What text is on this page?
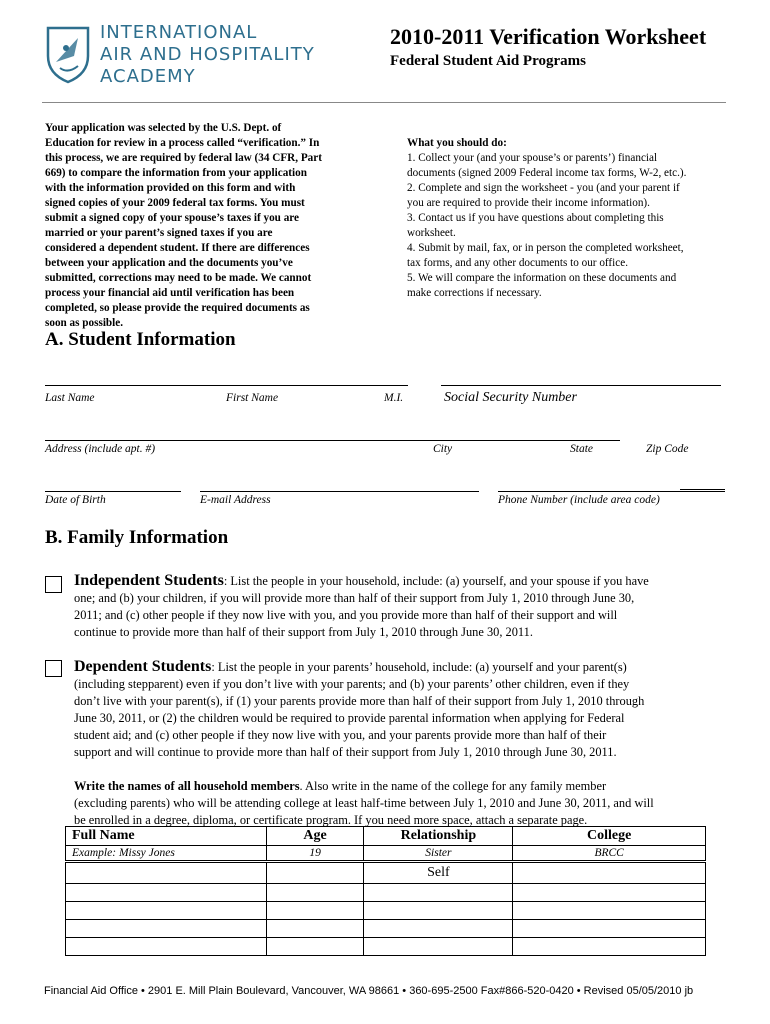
INTERNATIONAL
AIR AND HOSPITALITY
ACADEMY
2010-2011 Verification Worksheet
Federal Student Aid Programs
Your application was selected by the U.S. Dept. of
Education for review in a process called “verification.” In
this process, we are required by federal law (34 CFR, Part
669) to compare the information from your application
with the information provided on this form and with
signed copies of your 2009 federal tax forms. You must
submit a signed copy of your spouse’s taxes if you are
married or your parent’s signed taxes if you are
considered a dependent student. If there are differences
between your application and the documents you’ve
submitted, corrections may need to be made. We cannot
process your financial aid until verification has been
completed, so please provide the required documents as
soon as possible.
What you should do:
1. Collect your (and your spouse’s or parents’) financial
documents (signed 2009 Federal income tax forms, W-2, etc.).
2. Complete and sign the worksheet - you (and your parent if
you are required to provide their income information).
3. Contact us if you have questions about completing this
worksheet.
4. Submit by mail, fax, or in person the completed worksheet,
tax forms, and any other documents to our office.
5. We will compare the information on these documents and
make corrections if necessary.
A. Student Information
Last Name	First Name	M.I.	Social Security Number
Address (include apt. #)	City	State	Zip Code
Date of Birth	E-mail Address	Phone Number (include area code)
B. Family Information
Independent Students: List the people in your household, include: (a) yourself, and your spouse if you have
one; and (b) your children, if you will provide more than half of their support from July 1, 2010 through June 30,
2011; and (c) other people if they now live with you, and you provide more than half of their support and will
continue to provide more than half of their support from July 1, 2010 through June 30, 2011.
Dependent Students: List the people in your parents’ household, include: (a) yourself and your parent(s)
(including stepparent) even if you don’t live with your parents; and (b) your parents’ other children, even if they
don’t live with your parent(s), if (1) your parents provide more than half of their support from July 1, 2010 through
June 30, 2011, or (2) the children would be required to provide parental information when applying for Federal
student aid; and (c) other people if they now live with you, and your parents provide more than half of their
support and will continue to provide more than half of their support from July 1, 2010 through June 30, 2011.
Write the names of all household members. Also write in the name of the college for any family member
(excluding parents) who will be attending college at least half-time between July 1, 2010 and June 30, 2011, and will
be enrolled in a degree, diploma, or certificate program. If you need more space, attach a separate page.
Full Name	Age	Relationship	College
Example: Missy Jones	19	Sister	BRCC
		Self	

Financial Aid Office • 2901 E. Mill Plain Boulevard, Vancouver, WA 98661 • 360-695-2500 Fax#866-520-0420 • Revised 05/05/2010 jb
